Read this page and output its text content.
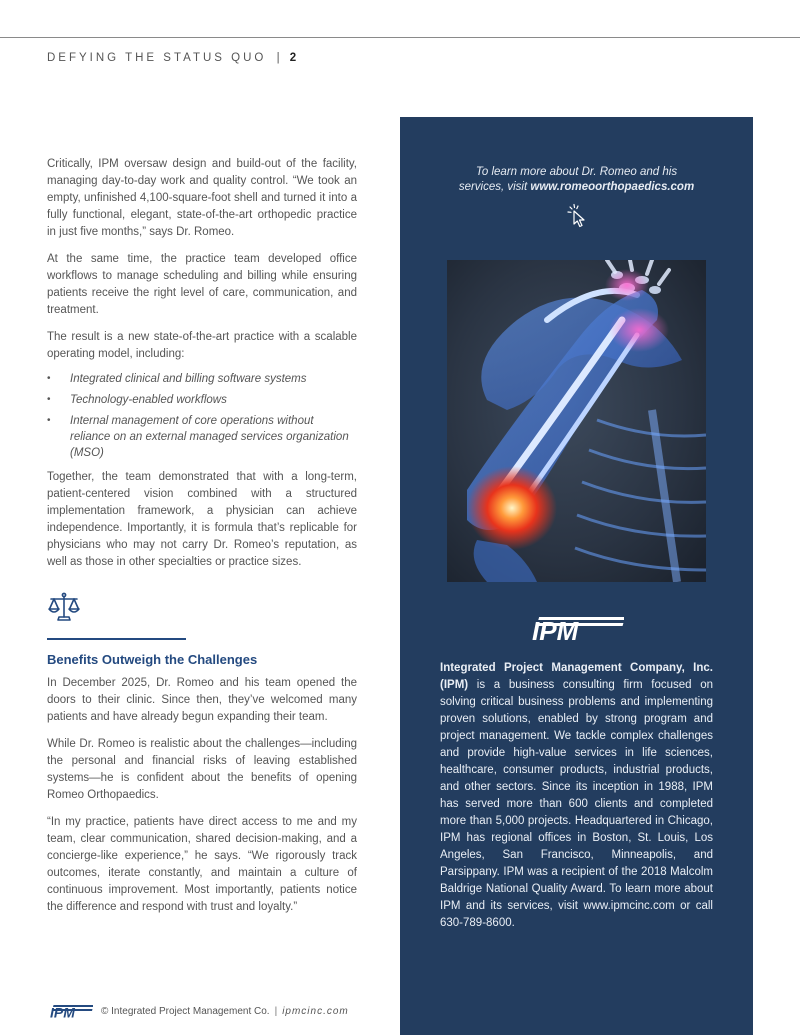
DEFYING THE STATUS QUO | 2

Critically, IPM oversaw design and build-out of the facility, managing day-to-day work and quality control. “We took an empty, unfinished 4,100-square-foot shell and turned it into a fully functional, elegant, state-of-the-art orthopedic practice in just five months,” says Dr. Romeo.

At the same time, the practice team developed office workflows to manage scheduling and billing while ensuring patients receive the right level of care, communication, and treatment.

The result is a new state-of-the-art practice with a scalable operating model, including:

• Integrated clinical and billing software systems
• Technology-enabled workflows
• Internal management of core operations without reliance on an external managed services organization (MSO)

Together, the team demonstrated that with a long-term, patient-centered vision combined with a structured implementation framework, a physician can achieve independence. Importantly, it is formula that’s replicable for physicians who may not carry Dr. Romeo’s reputation, as well as those in other specialties or practice sizes.

Benefits Outweigh the Challenges

In December 2025, Dr. Romeo and his team opened the doors to their clinic. Since then, they’ve welcomed many patients and have already begun expanding their team.

While Dr. Romeo is realistic about the challenges—including the personal and financial risks of leaving established systems—he is confident about the benefits of opening Romeo Orthopaedics.

“In my practice, patients have direct access to me and my team, clear communication, shared decision-making, and a concierge-like experience,” he says. “We rigorously track outcomes, iterate constantly, and maintain a culture of continuous improvement. Most importantly, patients notice the difference and respond with trust and loyalty.”

IPM	© Integrated Project Management Co. | ipmcinc.com
To learn more about Dr. Romeo and his
services, visit www.romeoorthopaedics.com
IPM
Integrated Project Management Company, Inc. (IPM) is a business consulting firm focused on solving critical business problems and implementing proven solutions, enabled by strong program and project management. We tackle complex challenges and provide high-value services in life sciences, healthcare, consumer products, industrial products, and other sectors. Since its inception in 1988, IPM has served more than 600 clients and completed more than 5,000 projects. Headquartered in Chicago, IPM has regional offices in Boston, St. Louis, Los Angeles, San Francisco, Minneapolis, and Parsippany. IPM was a recipient of the 2018 Malcolm Baldrige National Quality Award. To learn more about IPM and its services, visit www.ipmcinc.com or call 630-789-8600.
